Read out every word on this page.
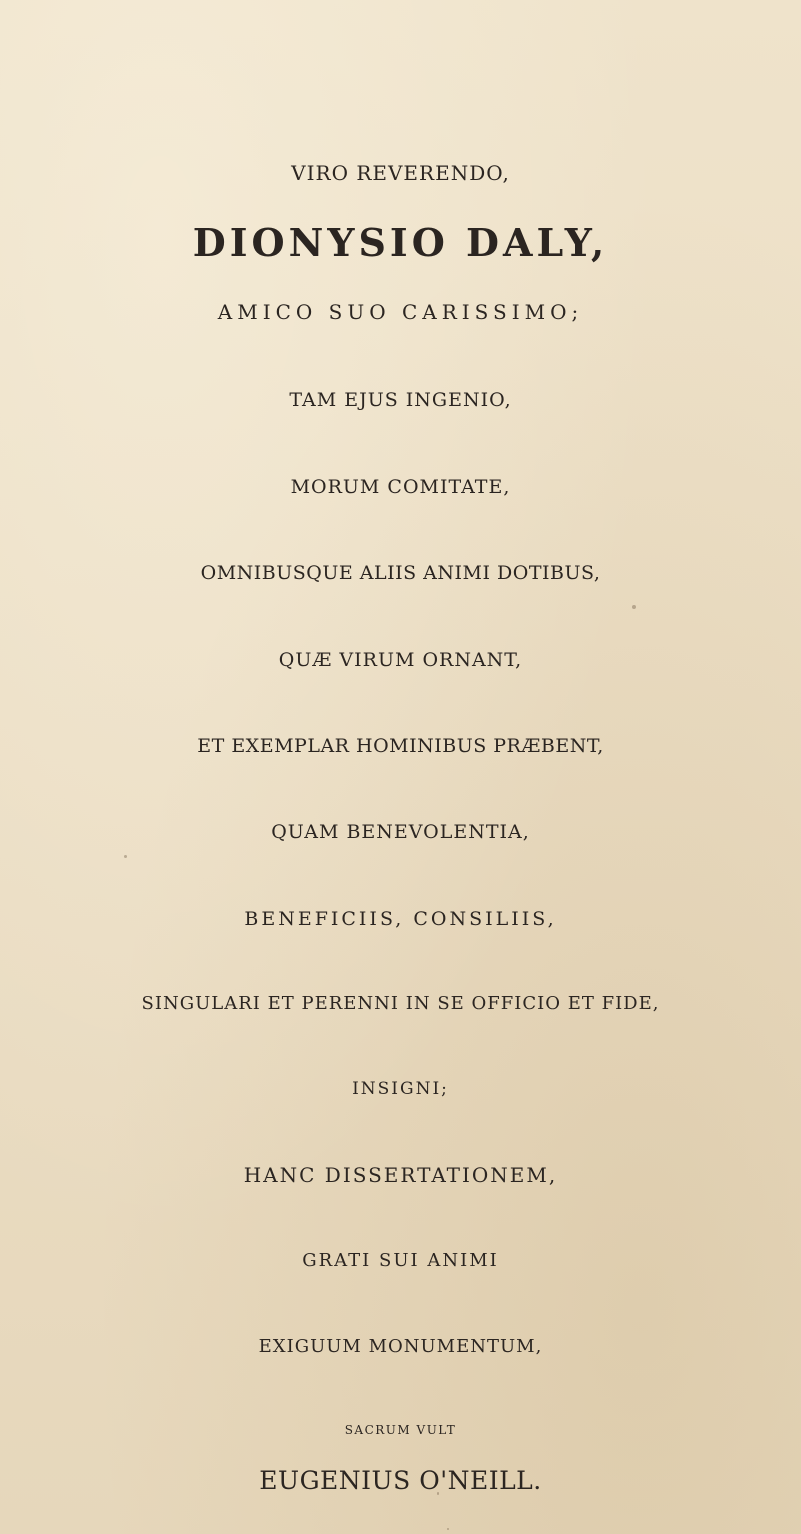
VIRO REVERENDO,
DIONYSIO DALY,
AMICO SUO CARISSIMO;
TAM EJUS INGENIO,
MORUM COMITATE,
OMNIBUSQUE ALIIS ANIMI DOTIBUS,
QUÆ VIRUM ORNANT,
ET EXEMPLAR HOMINIBUS PRÆBENT,
QUAM BENEVOLENTIA,
BENEFICIIS, CONSILIIS,
SINGULARI ET PERENNI IN SE OFFICIO ET FIDE,
INSIGNI;
HANC DISSERTATIONEM,
GRATI SUI ANIMI
EXIGUUM MONUMENTUM,
SACRUM VULT
EUGENIUS O'NEILL.
